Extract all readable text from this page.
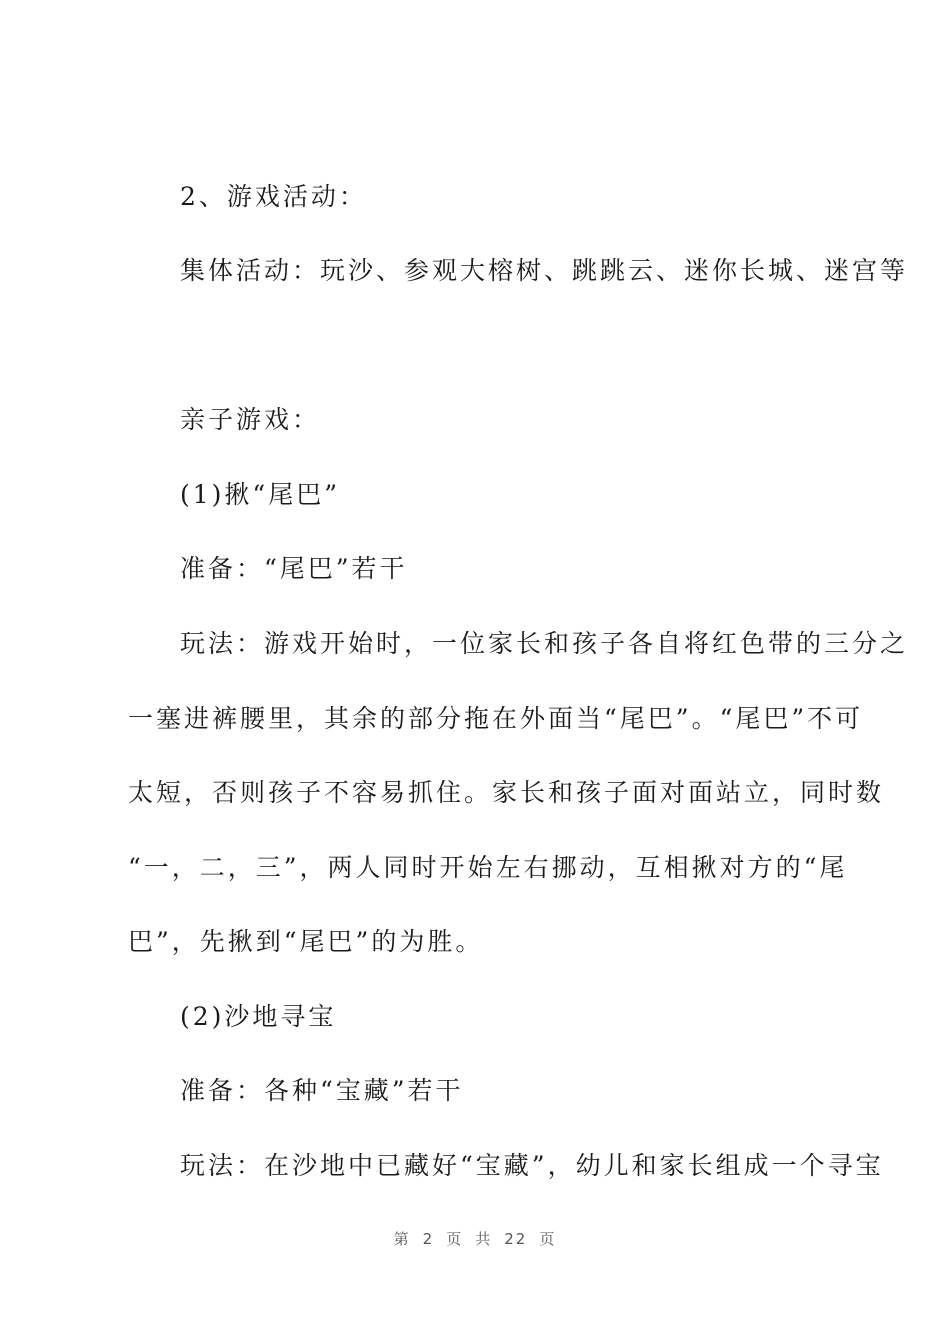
2、游戏活动：
集体活动：玩沙、参观大榕树、跳跳云、迷你长城、迷宫等
亲子游戏：
(1)揪“尾巴”
准备：“尾巴”若干
玩法：游戏开始时，一位家长和孩子各自将红色带的三分之
一塞进裤腰里，其余的部分拖在外面当“尾巴”。“尾巴”不可
太短，否则孩子不容易抓住。家长和孩子面对面站立，同时数
“一，二，三”，两人同时开始左右挪动，互相揪对方的“尾
巴”，先揪到“尾巴”的为胜。
(2)沙地寻宝
准备：各种“宝藏”若干
玩法：在沙地中已藏好“宝藏”，幼儿和家长组成一个寻宝
第 2 页 共 22 页
